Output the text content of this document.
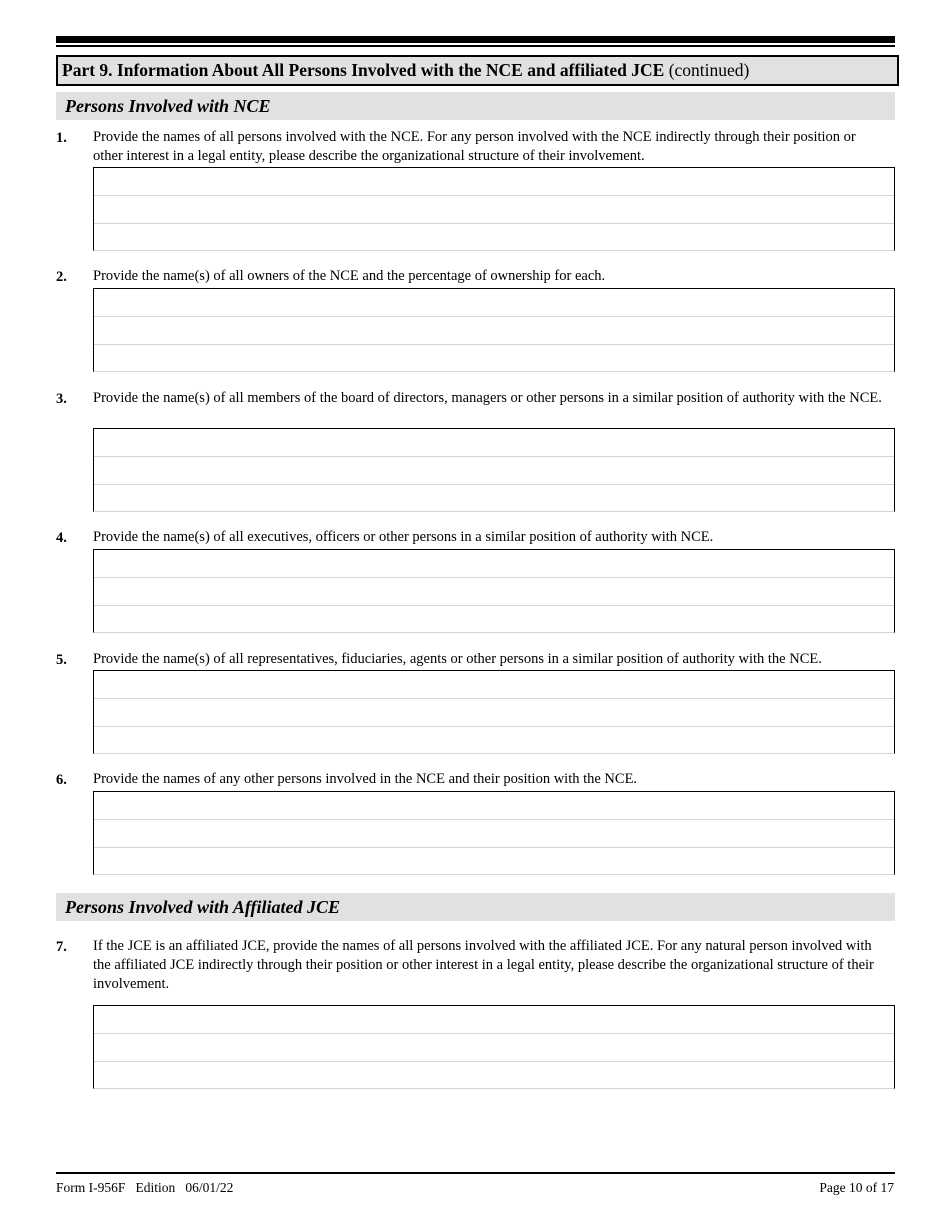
Part 9. Information About All Persons Involved with the NCE and affiliated JCE (continued)
Persons Involved with NCE
1. Provide the names of all persons involved with the NCE. For any person involved with the NCE indirectly through their position or other interest in a legal entity, please describe the organizational structure of their involvement.
2. Provide the name(s) of all owners of the NCE and the percentage of ownership for each.
3. Provide the name(s) of all members of the board of directors, managers or other persons in a similar position of authority with the NCE.
4. Provide the name(s) of all executives, officers or other persons in a similar position of authority with NCE.
5. Provide the name(s) of all representatives, fiduciaries, agents or other persons in a similar position of authority with the NCE.
6. Provide the names of any other persons involved in the NCE and their position with the NCE.
Persons Involved with Affiliated JCE
7. If the JCE is an affiliated JCE, provide the names of all persons involved with the affiliated JCE. For any natural person involved with the affiliated JCE indirectly through their position or other interest in a legal entity, please describe the organizational structure of their involvement.
Form I-956F   Edition   06/01/22	Page 10 of 17
